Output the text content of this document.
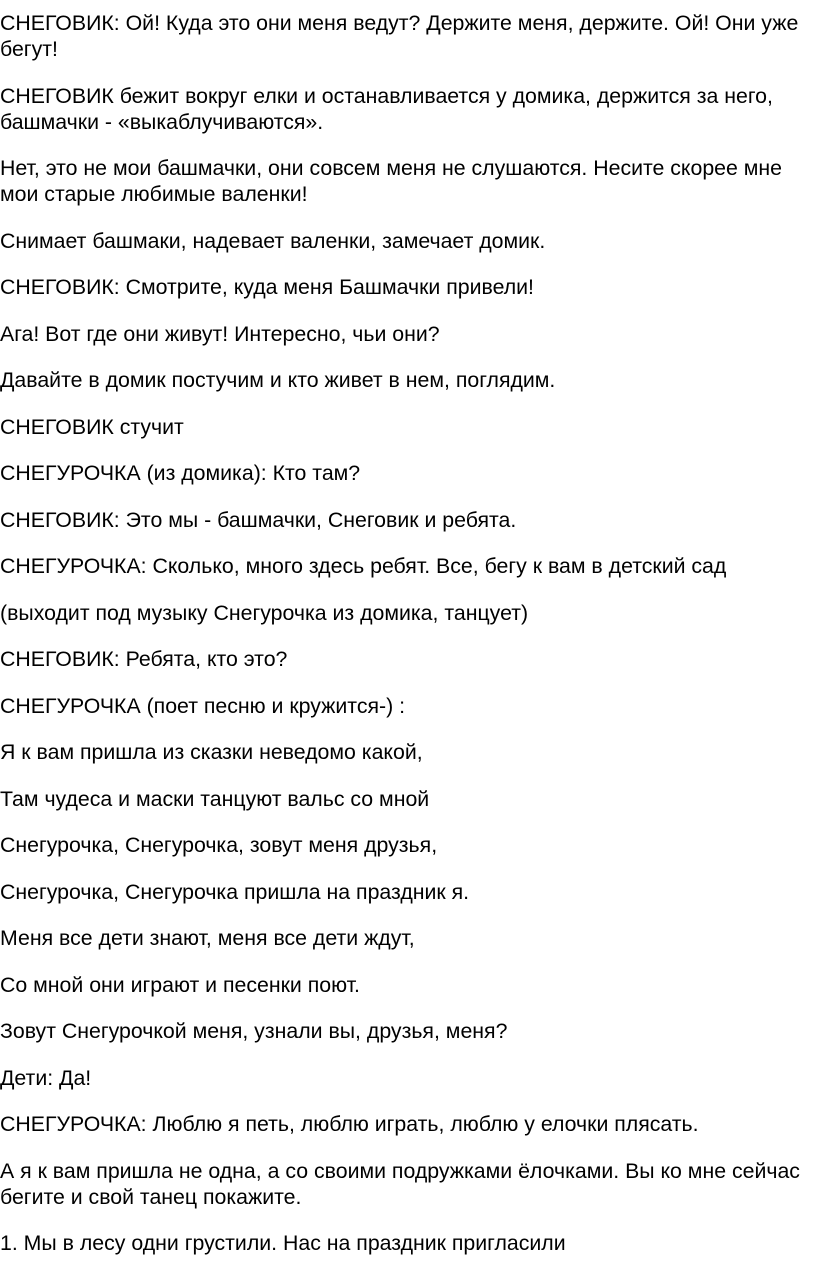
СНЕГОВИК: Ой! Куда это они меня ведут? Держите меня, держите. Ой! Они уже бегут!

СНЕГОВИК бежит вокруг елки и останавливается у домика, держится за него, башмачки - «выкаблучиваются».

Нет, это не мои башмачки, они совсем меня не слушаются. Несите скорее мне мои старые любимые валенки!

Снимает башмаки, надевает валенки, замечает домик.

СНЕГОВИК: Смотрите, куда меня Башмачки привели!

Ага! Вот где они живут! Интересно, чьи они?

Давайте в домик постучим и кто живет в нем, поглядим.

СНЕГОВИК стучит

СНЕГУРОЧКА (из домика): Кто там?

СНЕГОВИК: Это мы - башмачки, Снеговик и ребята.

СНЕГУРОЧКА: Сколько, много здесь ребят. Все, бегу к вам в детский сад

(выходит под музыку Снегурочка из домика, танцует)

СНЕГОВИК: Ребята, кто это?

СНЕГУРОЧКА (поет песню и кружится-) :

Я к вам пришла из сказки неведомо какой,

Там чудеса и маски танцуют вальс со мной

Снегурочка, Снегурочка, зовут меня друзья,

Снегурочка, Снегурочка пришла на праздник я.

Меня все дети знают, меня все дети ждут,

Со мной они играют и песенки поют.

Зовут Снегурочкой меня, узнали вы, друзья, меня?

Дети: Да!

СНЕГУРОЧКА: Люблю я петь, люблю играть, люблю у елочки плясать.

А я к вам пришла не одна, а со своими подружками ёлочками. Вы ко мне сейчас бегите и свой танец покажите.

1. Мы в лесу одни грустили. Нас на праздник пригласили
